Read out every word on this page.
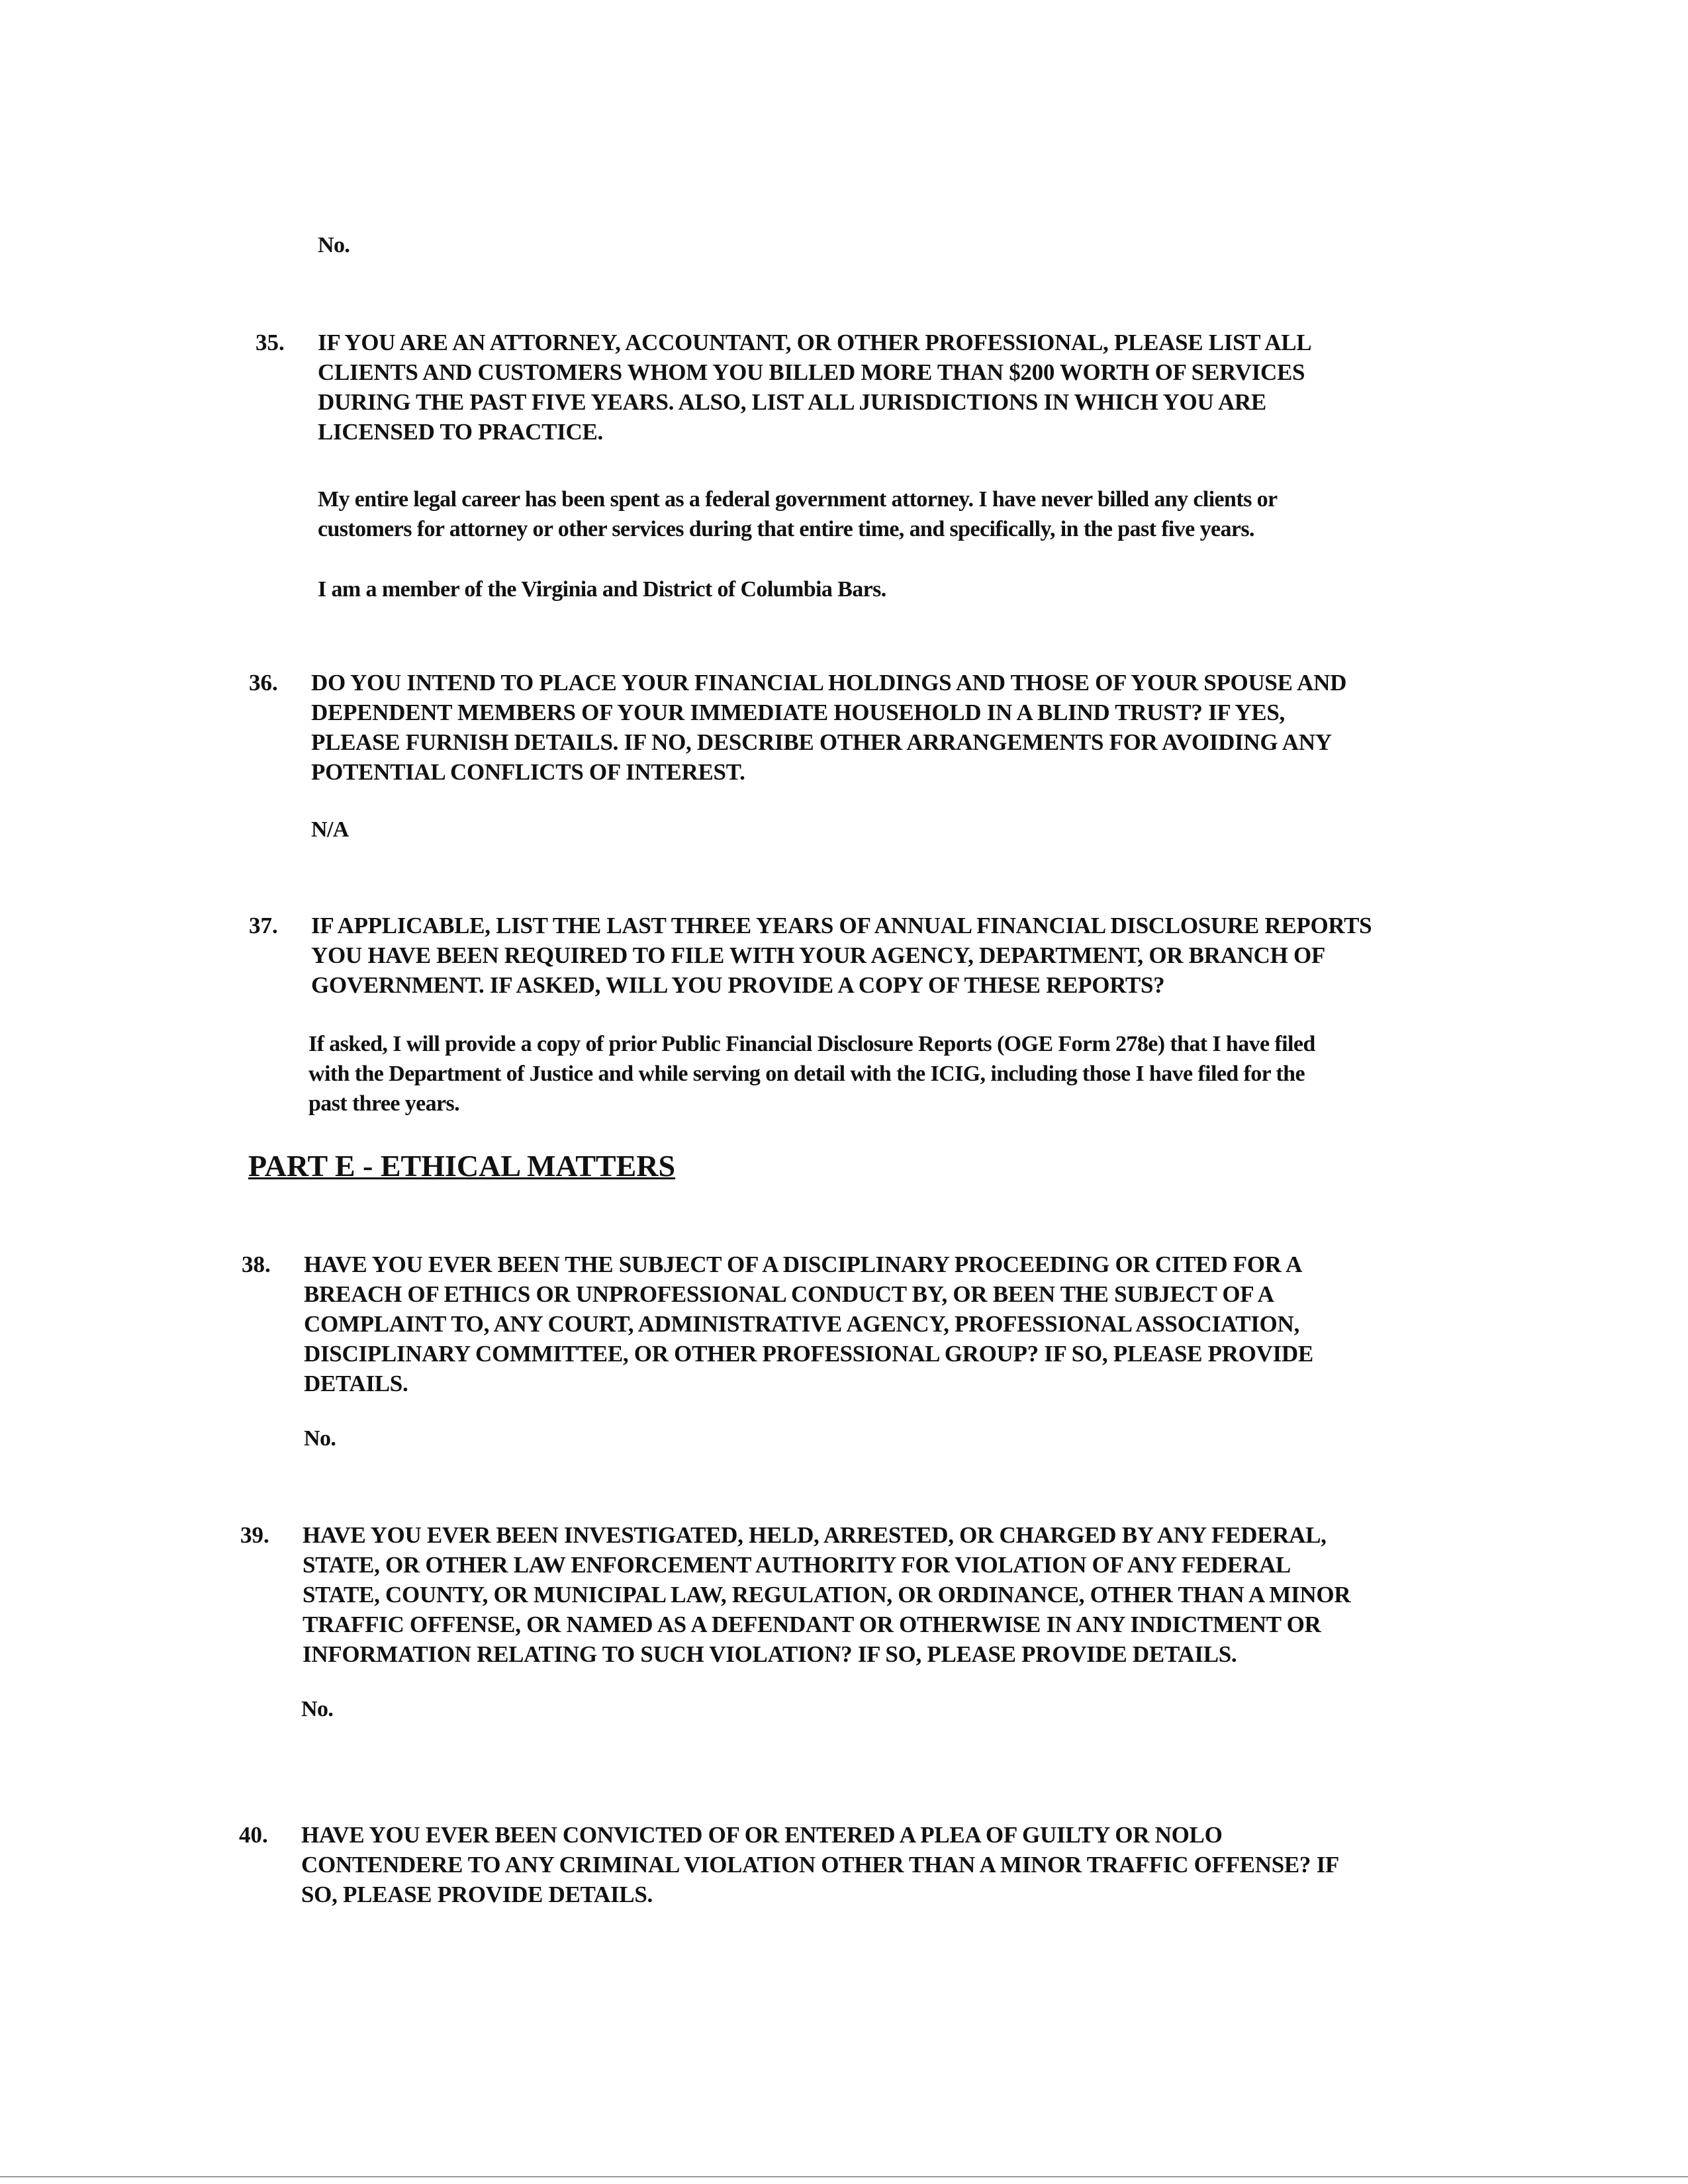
No.
35. IF YOU ARE AN ATTORNEY, ACCOUNTANT, OR OTHER PROFESSIONAL, PLEASE LIST ALL
CLIENTS AND CUSTOMERS WHOM YOU BILLED MORE THAN $200 WORTH OF SERVICES
DURING THE PAST FIVE YEARS. ALSO, LIST ALL JURISDICTIONS IN WHICH YOU ARE
LICENSED TO PRACTICE.
My entire legal career has been spent as a federal government attorney. I have never billed any clients or
customers for attorney or other services during that entire time, and specifically, in the past five years.
I am a member of the Virginia and District of Columbia Bars.
36. DO YOU INTEND TO PLACE YOUR FINANCIAL HOLDINGS AND THOSE OF YOUR SPOUSE AND
DEPENDENT MEMBERS OF YOUR IMMEDIATE HOUSEHOLD IN A BLIND TRUST? IF YES,
PLEASE FURNISH DETAILS. IF NO, DESCRIBE OTHER ARRANGEMENTS FOR AVOIDING ANY
POTENTIAL CONFLICTS OF INTEREST.
N/A
37. IF APPLICABLE, LIST THE LAST THREE YEARS OF ANNUAL FINANCIAL DISCLOSURE REPORTS
YOU HAVE BEEN REQUIRED TO FILE WITH YOUR AGENCY, DEPARTMENT, OR BRANCH OF
GOVERNMENT. IF ASKED, WILL YOU PROVIDE A COPY OF THESE REPORTS?
If asked, I will provide a copy of prior Public Financial Disclosure Reports (OGE Form 278e) that I have filed
with the Department of Justice and while serving on detail with the ICIG, including those I have filed for the
past three years.
PART E - ETHICAL MATTERS
38. HAVE YOU EVER BEEN THE SUBJECT OF A DISCIPLINARY PROCEEDING OR CITED FOR A
BREACH OF ETHICS OR UNPROFESSIONAL CONDUCT BY, OR BEEN THE SUBJECT OF A
COMPLAINT TO, ANY COURT, ADMINISTRATIVE AGENCY, PROFESSIONAL ASSOCIATION,
DISCIPLINARY COMMITTEE, OR OTHER PROFESSIONAL GROUP? IF SO, PLEASE PROVIDE
DETAILS.
No.
39. HAVE YOU EVER BEEN INVESTIGATED, HELD, ARRESTED, OR CHARGED BY ANY FEDERAL,
STATE, OR OTHER LAW ENFORCEMENT AUTHORITY FOR VIOLATION OF ANY FEDERAL
STATE, COUNTY, OR MUNICIPAL LAW, REGULATION, OR ORDINANCE, OTHER THAN A MINOR
TRAFFIC OFFENSE, OR NAMED AS A DEFENDANT OR OTHERWISE IN ANY INDICTMENT OR
INFORMATION RELATING TO SUCH VIOLATION? IF SO, PLEASE PROVIDE DETAILS.
No.
40. HAVE YOU EVER BEEN CONVICTED OF OR ENTERED A PLEA OF GUILTY OR NOLO
CONTENDERE TO ANY CRIMINAL VIOLATION OTHER THAN A MINOR TRAFFIC OFFENSE? IF
SO, PLEASE PROVIDE DETAILS.
